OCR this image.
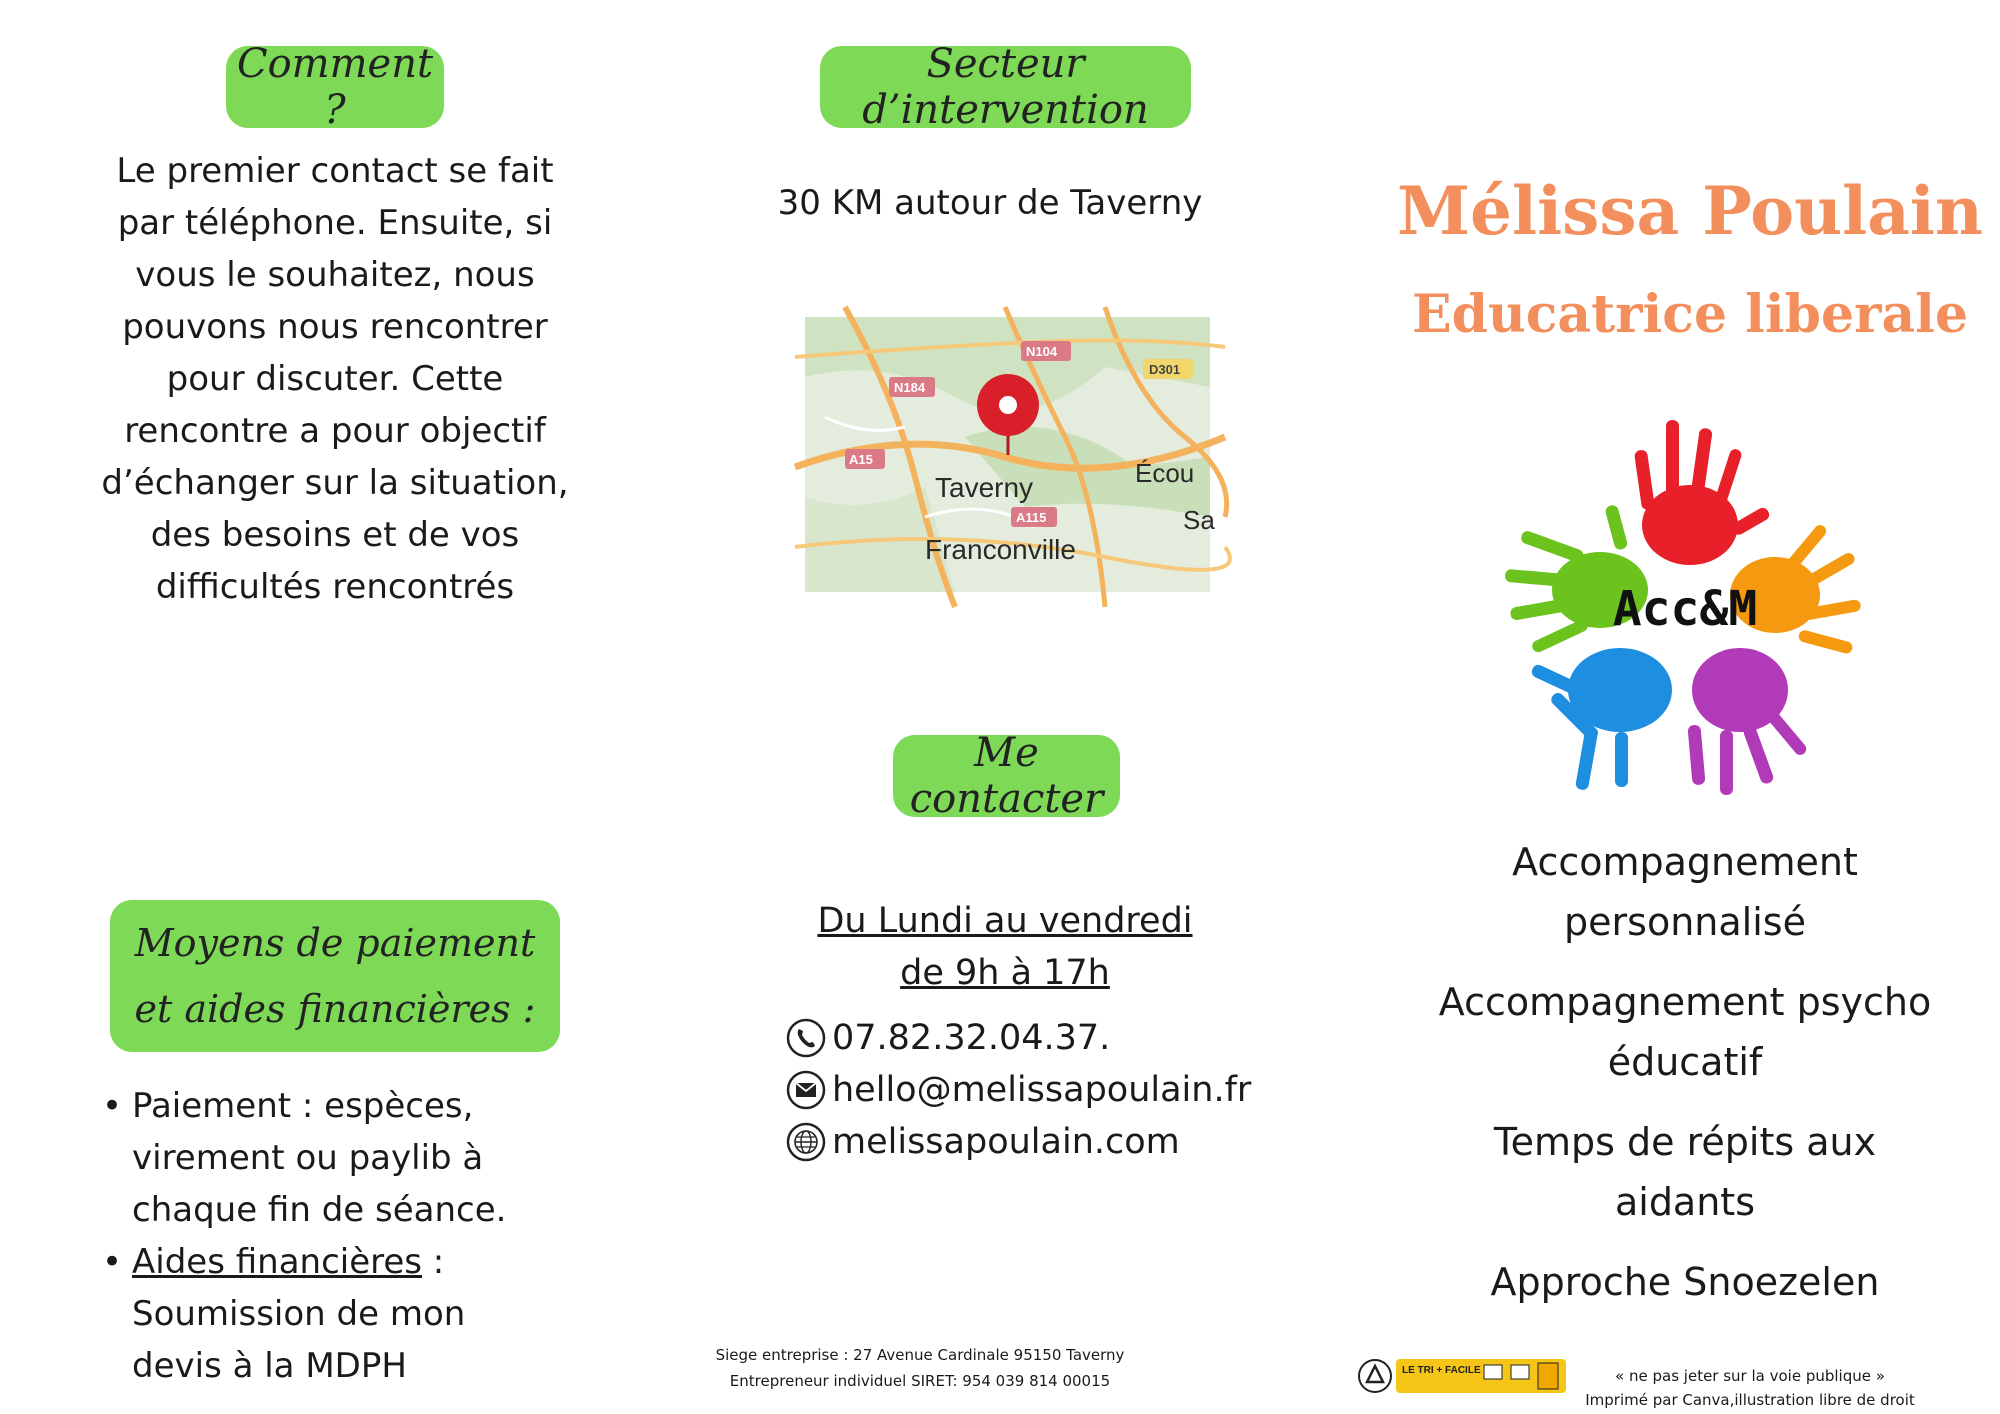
Comment ?
Le premier contact se fait par téléphone. Ensuite, si vous le souhaitez, nous pouvons nous rencontrer pour discuter. Cette rencontre a pour objectif d’échanger sur la situation, des besoins et de vos difficultés rencontrés
Moyens de paiement et aides financières :
• Paiement : espèces, virement ou paylib à chaque fin de séance.
• Aides financières : Soumission de mon devis à la MDPH
Secteur d’intervention
30 KM autour de Taverny
N184
N104
A15
A115
D301
Taverny
Franconville
Écou
Sa
Me contacter
Du Lundi au vendredi
de 9h à 17h
07.82.32.04.37.
hello@melissapoulain.fr
melissapoulain.com
Siege entreprise : 27 Avenue Cardinale 95150 Taverny
Entrepreneur individuel SIRET: 954 039 814 00015
Mélissa Poulain
Educatrice liberale
Acc&M
Accompagnement personnalisé
Accompagnement psycho éducatif
Temps de répits aux aidants
Approche Snoezelen
LE TRI + FACILE	« ne pas jeter sur la voie publique »
Imprimé par Canva,illustration libre de droit
